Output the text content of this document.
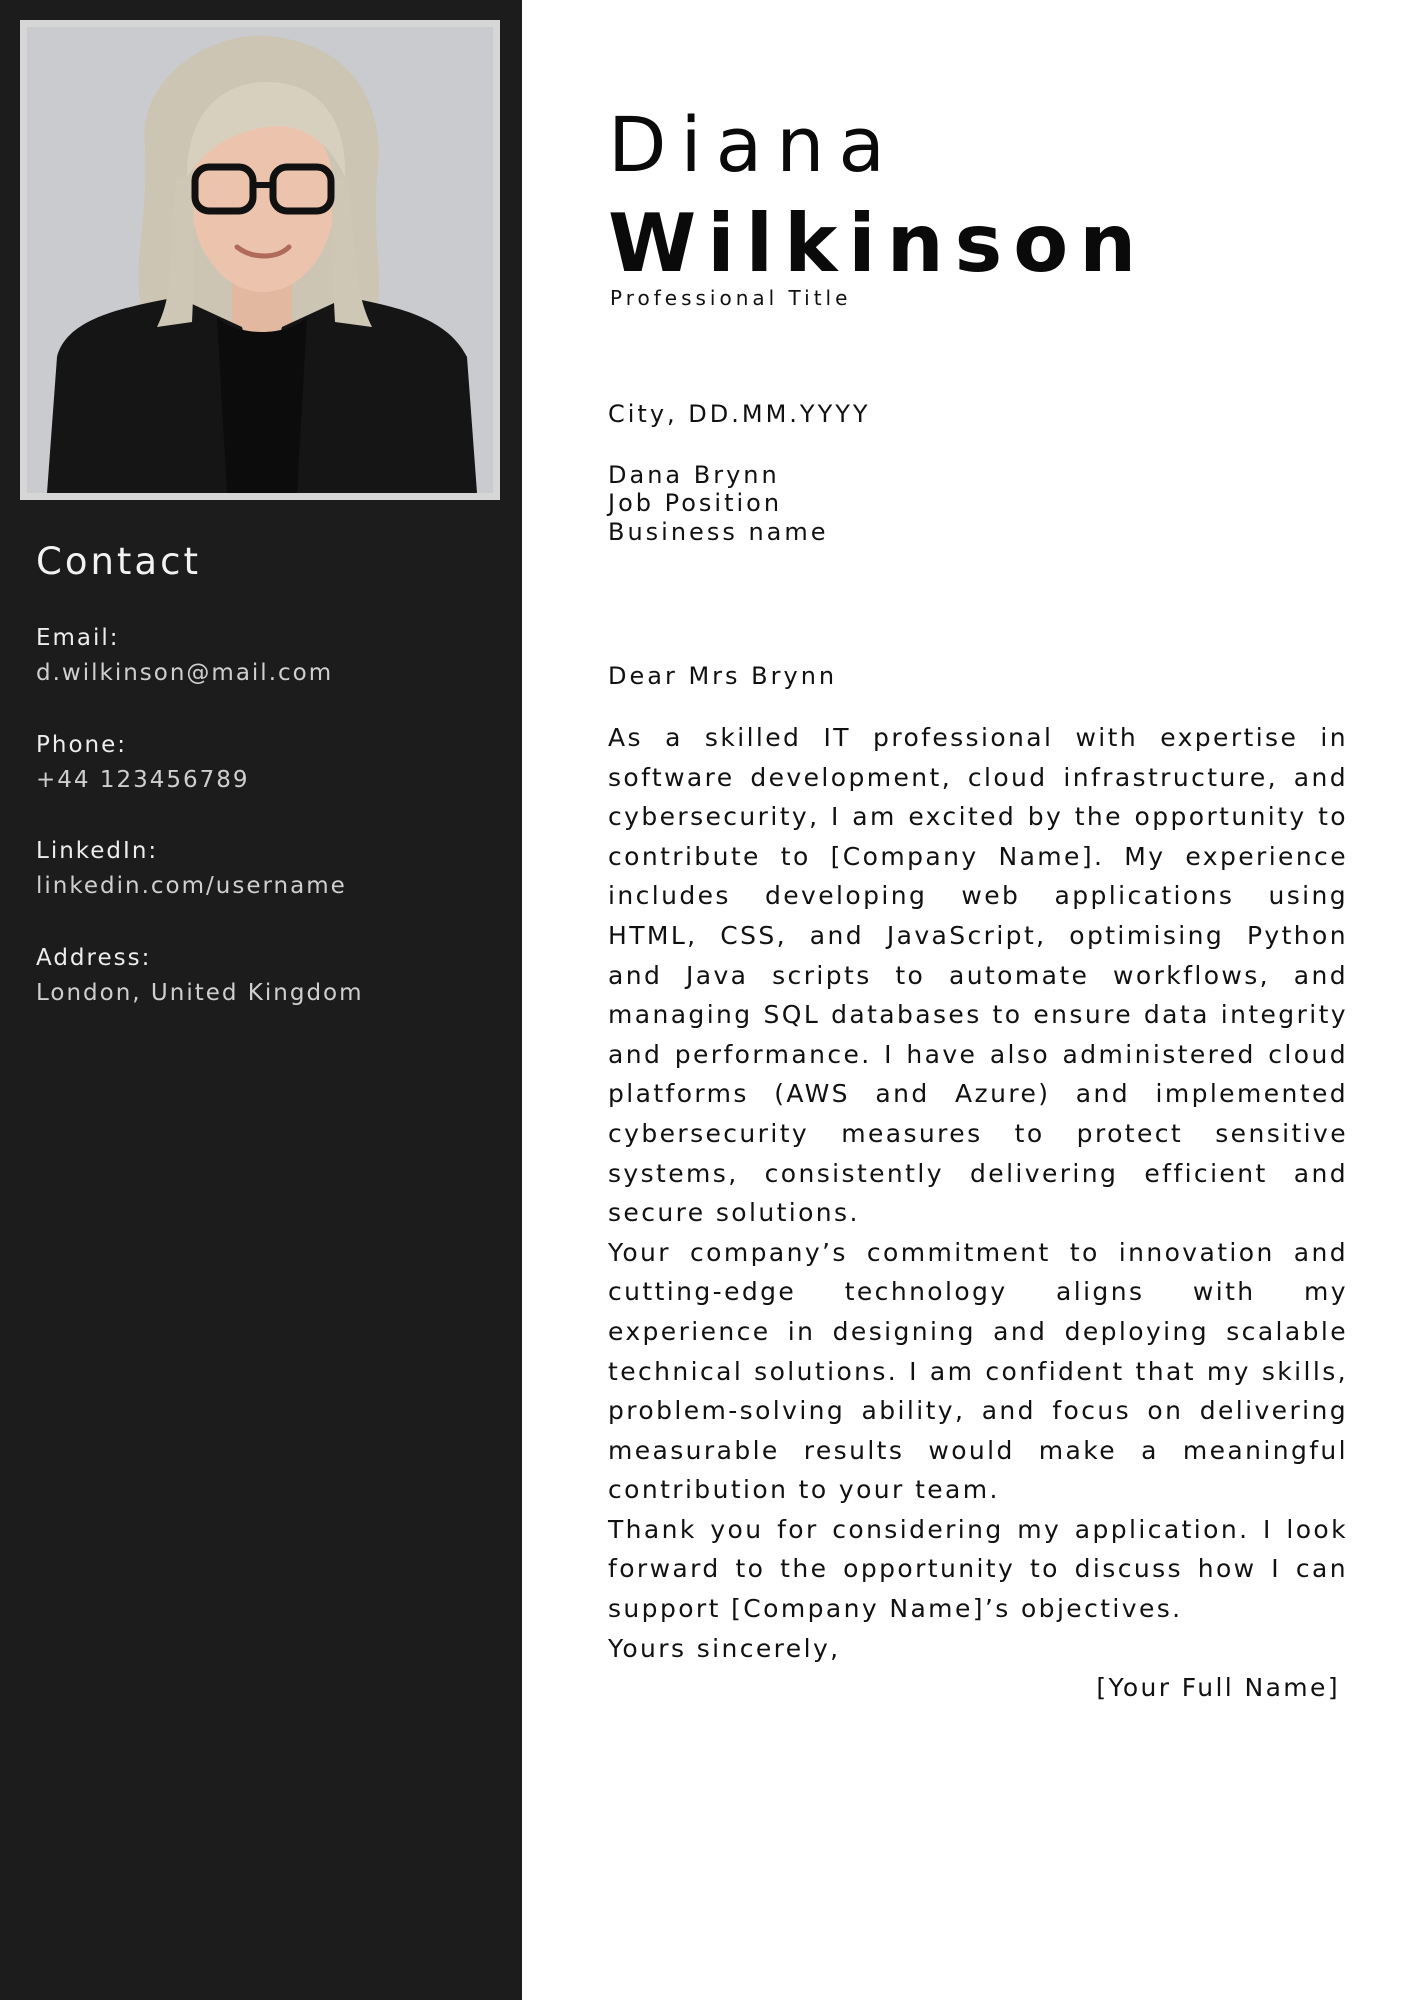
Contact
Email:
d.wilkinson@mail.com
Phone:
+44 123456789
LinkedIn:
linkedin.com/username
Address:
London, United Kingdom
Diana
Wilkinson
Professional Title
City, DD.MM.YYYY
Dana Brynn
Job Position
Business name
Dear Mrs Brynn

As a skilled IT professional with expertise in software development, cloud infrastructure, and cybersecurity, I am excited by the opportunity to contribute to [Company Name]. My experience includes developing web applications using HTML, CSS, and JavaScript, optimising Python and Java scripts to automate workflows, and managing SQL databases to ensure data integrity and performance. I have also administered cloud platforms (AWS and Azure) and implemented cybersecurity measures to protect sensitive systems, consistently delivering efficient and secure solutions.

Your company’s commitment to innovation and cutting-edge technology aligns with my experience in designing and deploying scalable technical solutions. I am confident that my skills, problem-solving ability, and focus on delivering measurable results would make a meaningful contribution to your team.

Thank you for considering my application. I look forward to the opportunity to discuss how I can support [Company Name]’s objectives.

Yours sincerely,

[Your Full Name]
